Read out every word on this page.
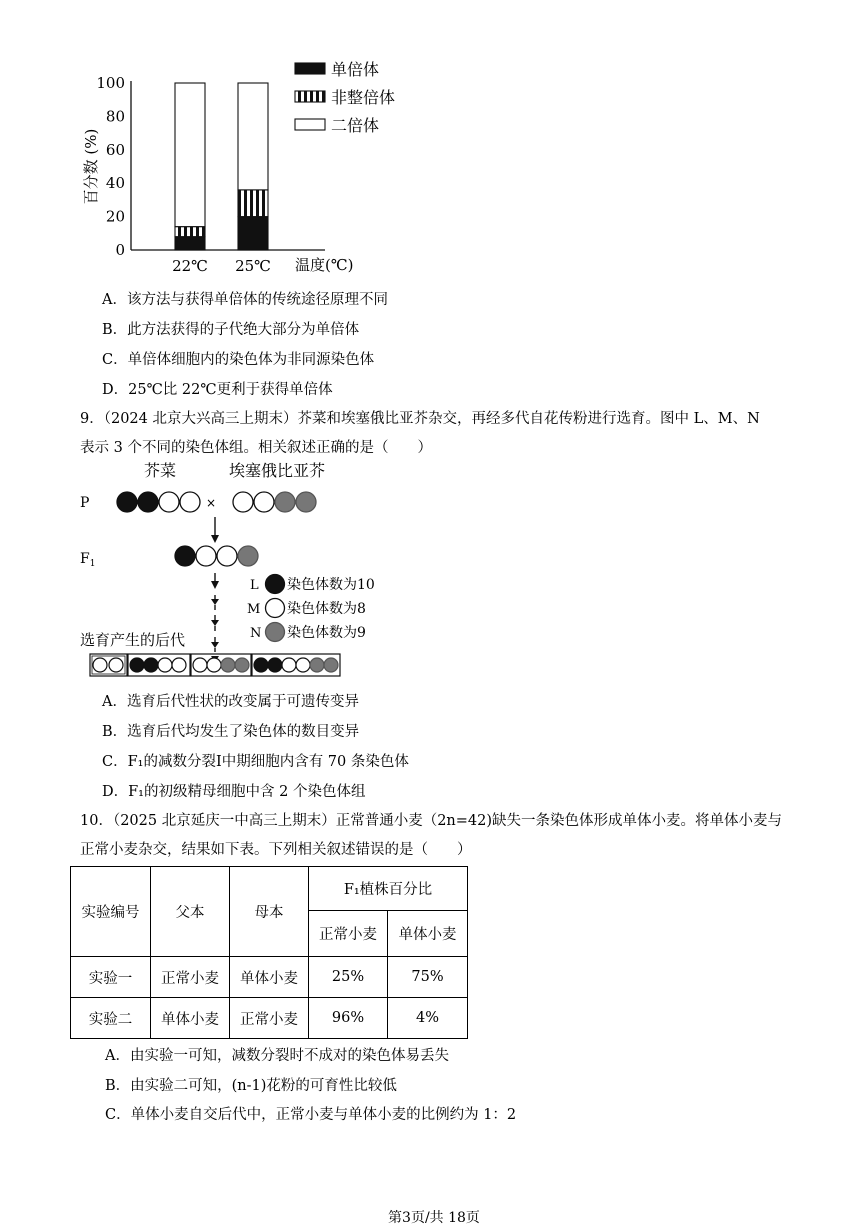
0
20
40
60
80
100
百分数 (%)
22℃ 25℃ 温度(℃)
单倍体
非整倍体
二倍体
A．该方法与获得单倍体的传统途径原理不同
B．此方法获得的子代绝大部分为单倍体
C．单倍体细胞内的染色体为非同源染色体
D．25℃比 22℃更利于获得单倍体
9．（2024 北京大兴高三上期末）芥菜和埃塞俄比亚芥杂交，再经多代自花传粉进行选育。图中 L、M、N
表示 3 个不同的染色体组。相关叙述正确的是（　　）
芥菜	埃塞俄比亚芥
P	×
$F_1$
L 染色体数为10
M 染色体数为8
N 染色体数为9
选育产生的后代
A．选育后代性状的改变属于可遗传变异
B．选育后代均发生了染色体的数目变异
C．F₁的减数分裂Ⅰ中期细胞内含有 70 条染色体
D．F₁的初级精母细胞中含 2 个染色体组
10．（2025 北京延庆一中高三上期末）正常普通小麦（2n=42)缺失一条染色体形成单体小麦。将单体小麦与
正常小麦杂交，结果如下表。下列相关叙述错误的是（　　）
实验编号	父本	母本	F₁植株百分比	
			正常小麦	单体小麦
实验一	正常小麦	单体小麦	25%	75%
实验二	单体小麦	正常小麦	96%	4%
A．由实验一可知，减数分裂时不成对的染色体易丢失
B．由实验二可知，(n-1)花粉的可育性比较低
C．单体小麦自交后代中，正常小麦与单体小麦的比例约为 1：2
第3页/共 18页
